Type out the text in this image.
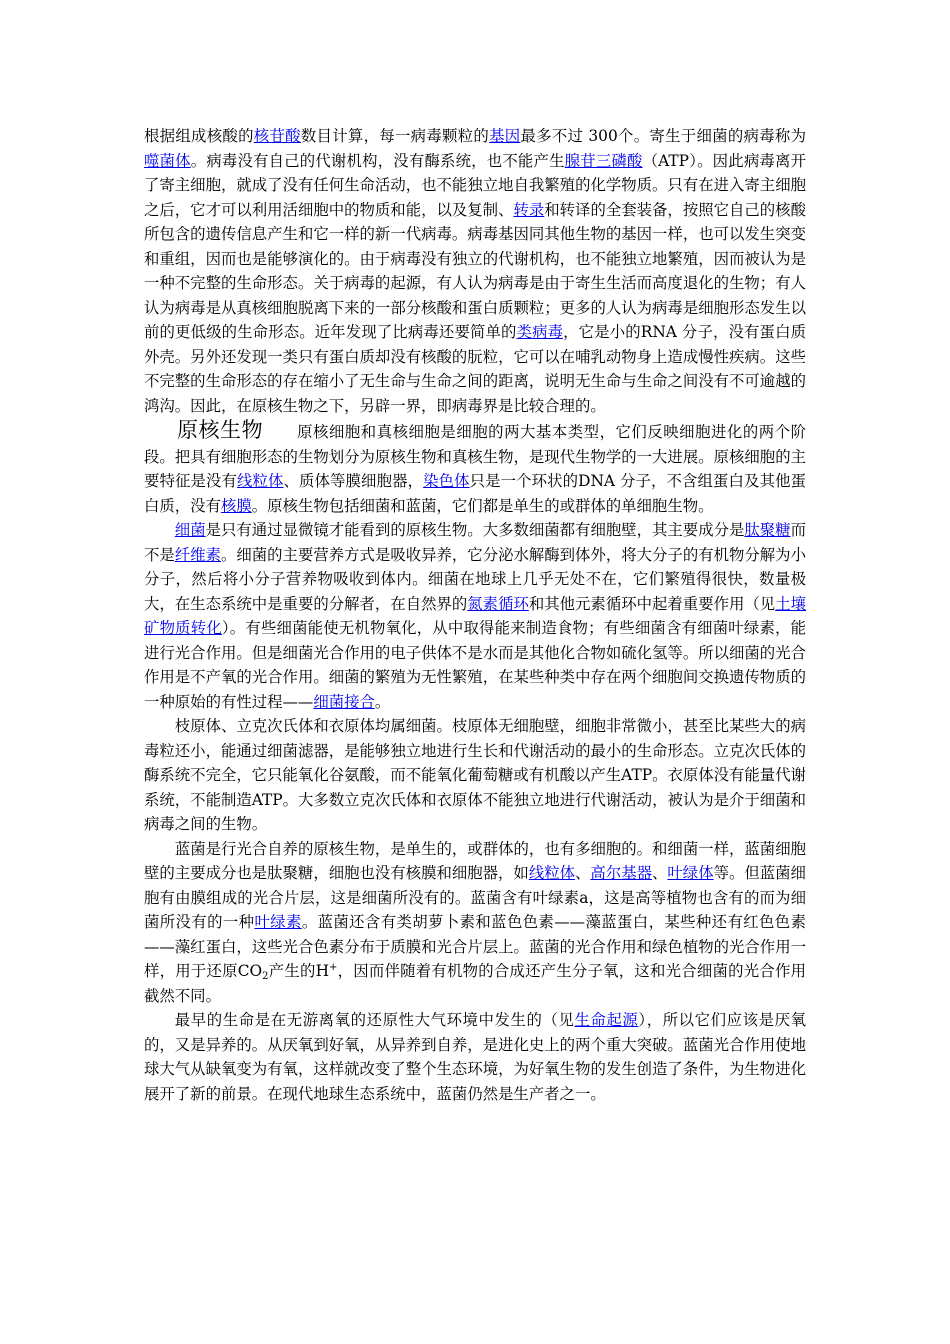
根据组成核酸的核苷酸数目计算，每一病毒颗粒的基因最多不过 300个。寄生于细菌的病毒称为噬菌体。病毒没有自己的代谢机构，没有酶系统，也不能产生腺苷三磷酸（ATP）。因此病毒离开了寄主细胞，就成了没有任何生命活动，也不能独立地自我繁殖的化学物质。只有在进入寄主细胞之后，它才可以利用活细胞中的物质和能，以及复制、转录和转译的全套装备，按照它自己的核酸所包含的遗传信息产生和它一样的新一代病毒。病毒基因同其他生物的基因一样，也可以发生突变和重组，因而也是能够演化的。由于病毒没有独立的代谢机构，也不能独立地繁殖，因而被认为是一种不完整的生命形态。关于病毒的起源，有人认为病毒是由于寄生生活而高度退化的生物；有人认为病毒是从真核细胞脱离下来的一部分核酸和蛋白质颗粒；更多的人认为病毒是细胞形态发生以前的更低级的生命形态。近年发现了比病毒还要简单的类病毒，它是小的RNA 分子，没有蛋白质外壳。另外还发现一类只有蛋白质却没有核酸的朊粒，它可以在哺乳动物身上造成慢性疾病。这些不完整的生命形态的存在缩小了无生命与生命之间的距离，说明无生命与生命之间没有不可逾越的鸿沟。因此，在原核生物之下，另辟一界，即病毒界是比较合理的。

原核生物 原核细胞和真核细胞是细胞的两大基本类型，它们反映细胞进化的两个阶段。把具有细胞形态的生物划分为原核生物和真核生物，是现代生物学的一大进展。原核细胞的主要特征是没有线粒体、质体等膜细胞器，染色体只是一个环状的DNA 分子，不含组蛋白及其他蛋白质，没有核膜。原核生物包括细菌和蓝菌，它们都是单生的或群体的单细胞生物。

细菌是只有通过显微镜才能看到的原核生物。大多数细菌都有细胞壁，其主要成分是肽聚糖而不是纤维素。细菌的主要营养方式是吸收异养，它分泌水解酶到体外，将大分子的有机物分解为小分子，然后将小分子营养物吸收到体内。细菌在地球上几乎无处不在，它们繁殖得很快，数量极大，在生态系统中是重要的分解者，在自然界的氮素循环和其他元素循环中起着重要作用（见土壤矿物质转化）。有些细菌能使无机物氧化，从中取得能来制造食物；有些细菌含有细菌叶绿素，能进行光合作用。但是细菌光合作用的电子供体不是水而是其他化合物如硫化氢等。所以细菌的光合作用是不产氧的光合作用。细菌的繁殖为无性繁殖，在某些种类中存在两个细胞间交换遗传物质的一种原始的有性过程——细菌接合。

枝原体、立克次氏体和衣原体均属细菌。枝原体无细胞壁，细胞非常微小，甚至比某些大的病毒粒还小，能通过细菌滤器，是能够独立地进行生长和代谢活动的最小的生命形态。立克次氏体的酶系统不完全，它只能氧化谷氨酸，而不能氧化葡萄糖或有机酸以产生ATP。衣原体没有能量代谢系统，不能制造ATP。大多数立克次氏体和衣原体不能独立地进行代谢活动，被认为是介于细菌和病毒之间的生物。

蓝菌是行光合自养的原核生物，是单生的，或群体的，也有多细胞的。和细菌一样，蓝菌细胞壁的主要成分也是肽聚糖，细胞也没有核膜和细胞器，如线粒体、高尔基器、叶绿体等。但蓝菌细胞有由膜组成的光合片层，这是细菌所没有的。蓝菌含有叶绿素a，这是高等植物也含有的而为细菌所没有的一种叶绿素。蓝菌还含有类胡萝卜素和蓝色色素——藻蓝蛋白，某些种还有红色色素——藻红蛋白，这些光合色素分布于质膜和光合片层上。蓝菌的光合作用和绿色植物的光合作用一样，用于还原$CO_2$产生的H+，因而伴随着有机物的合成还产生分子氧，这和光合细菌的光合作用截然不同。

最早的生命是在无游离氧的还原性大气环境中发生的（见生命起源），所以它们应该是厌氧的，又是异养的。从厌氧到好氧，从异养到自养，是进化史上的两个重大突破。蓝菌光合作用使地球大气从缺氧变为有氧，这样就改变了整个生态环境，为好氧生物的发生创造了条件，为生物进化展开了新的前景。在现代地球生态系统中，蓝菌仍然是生产者之一。
